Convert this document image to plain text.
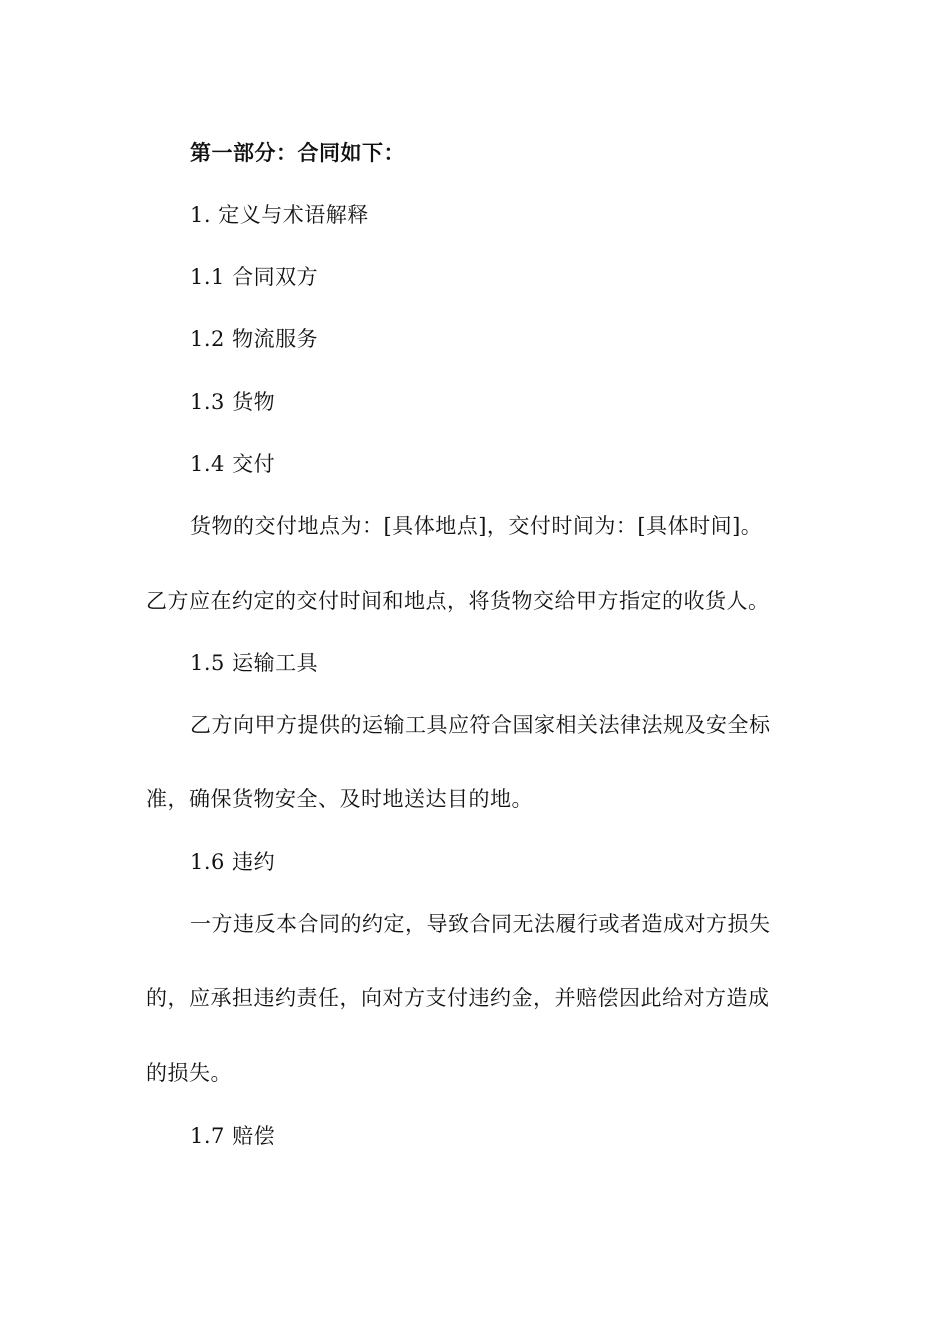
第一部分：合同如下：
1. 定义与术语解释
1.1 合同双方
1.2 物流服务
1.3 货物
1.4 交付
货物的交付地点为：[具体地点]，交付时间为：[具体时间]。
乙方应在约定的交付时间和地点，将货物交给甲方指定的收货人。
1.5 运输工具
乙方向甲方提供的运输工具应符合国家相关法律法规及安全标
准，确保货物安全、及时地送达目的地。
1.6 违约
一方违反本合同的约定，导致合同无法履行或者造成对方损失
的，应承担违约责任，向对方支付违约金，并赔偿因此给对方造成
的损失。
1.7 赔偿
